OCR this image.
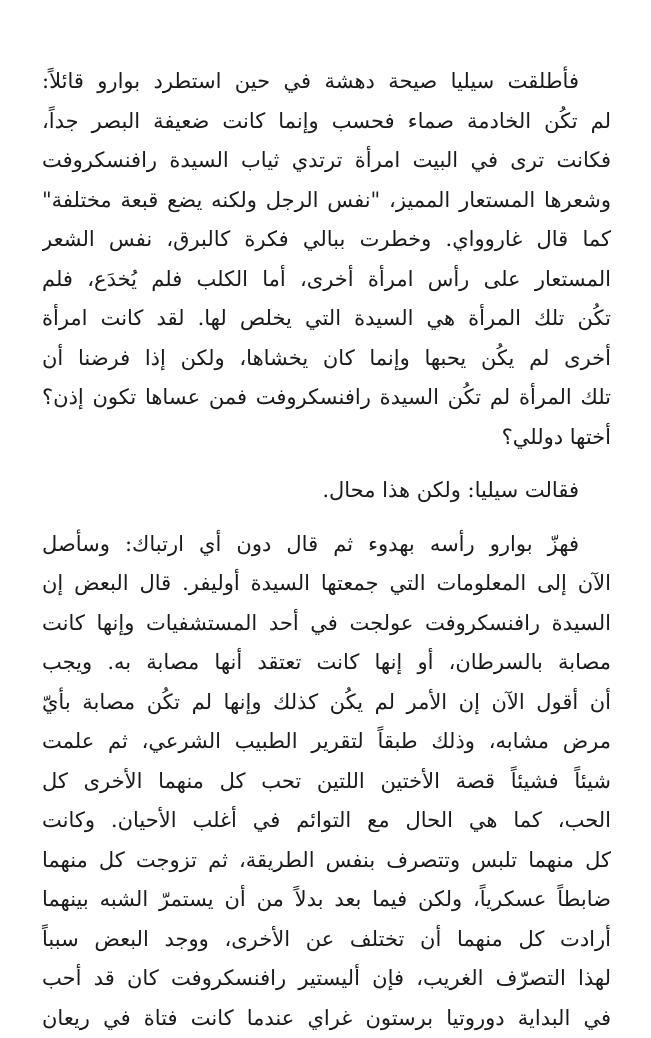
فأطلقت سيليا صيحة دهشة في حين استطرد بوارو قائلاً:
لم تكُن الخادمة صماء فحسب وإنما كانت ضعيفة البصر جداً،
فكانت ترى في البيت امرأة ترتدي ثياب السيدة رافنسكروفت
وشعرها المستعار المميز، "نفس الرجل ولكنه يضع قبعة مختلفة"
كما قال غاروواي. وخطرت ببالي فكرة كالبرق، نفس الشعر
المستعار على رأس امرأة أخرى، أما الكلب فلم يُخدَع، فلم
تكُن تلك المرأة هي السيدة التي يخلص لها. لقد كانت امرأة
أخرى لم يكُن يحبها وإنما كان يخشاها، ولكن إذا فرضنا أن
تلك المرأة لم تكُن السيدة رافنسكروفت فمن عساها تكون إذن؟
أختها دوللي؟
فقالت سيليا: ولكن هذا محال.
فهزّ بوارو رأسه بهدوء ثم قال دون أي ارتباك: وسأصل
الآن إلى المعلومات التي جمعتها السيدة أوليفر. قال البعض إن
السيدة رافنسكروفت عولجت في أحد المستشفيات وإنها كانت
مصابة بالسرطان، أو إنها كانت تعتقد أنها مصابة به. ويجب
أن أقول الآن إن الأمر لم يكُن كذلك وإنها لم تكُن مصابة بأيّ
مرض مشابه، وذلك طبقاً لتقرير الطبيب الشرعي، ثم علمت
شيئاً فشيئاً قصة الأختين اللتين تحب كل منهما الأخرى كل
الحب، كما هي الحال مع التوائم في أغلب الأحيان. وكانت
كل منهما تلبس وتتصرف بنفس الطريقة، ثم تزوجت كل منهما
ضابطاً عسكرياً، ولكن فيما بعد بدلاً من أن يستمرّ الشبه بينهما
أرادت كل منهما أن تختلف عن الأخرى، ووجد البعض سبباً
لهذا التصرّف الغريب، فإن أليستير رافنسكروفت كان قد أحب
في البداية دوروتيا برستون غراي عندما كانت فتاة في ريعان
